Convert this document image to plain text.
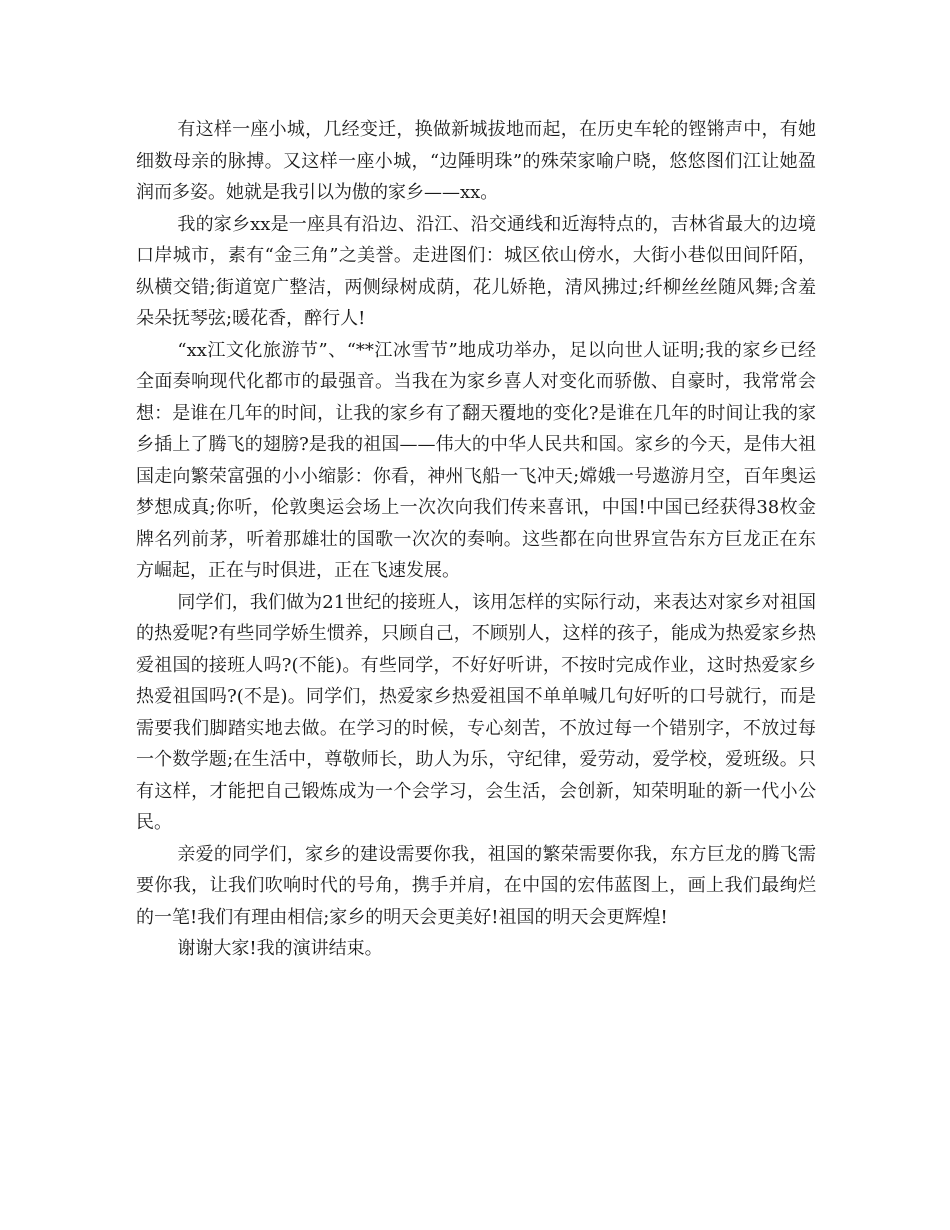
有这样一座小城，几经变迁，换做新城拔地而起，在历史车轮的铿锵声中，有她细数母亲的脉搏。又这样一座小城，“边陲明珠”的殊荣家喻户晓，悠悠图们江让她盈润而多姿。她就是我引以为傲的家乡——xx。

我的家乡xx是一座具有沿边、沿江、沿交通线和近海特点的，吉林省最大的边境口岸城市，素有“金三角”之美誉。走进图们：城区依山傍水，大街小巷似田间阡陌，纵横交错;街道宽广整洁，两侧绿树成荫，花儿娇艳，清风拂过;纤柳丝丝随风舞;含羞朵朵抚琴弦;暖花香，醉行人!

“xx江文化旅游节”、“**江冰雪节”地成功举办，足以向世人证明;我的家乡已经全面奏响现代化都市的最强音。当我在为家乡喜人对变化而骄傲、自豪时，我常常会想：是谁在几年的时间，让我的家乡有了翻天覆地的变化?是谁在几年的时间让我的家乡插上了腾飞的翅膀?是我的祖国——伟大的中华人民共和国。家乡的今天，是伟大祖国走向繁荣富强的小小缩影：你看，神州飞船一飞冲天;嫦娥一号遨游月空，百年奥运梦想成真;你听，伦敦奥运会场上一次次向我们传来喜讯，中国!中国已经获得38枚金牌名列前茅，听着那雄壮的国歌一次次的奏响。这些都在向世界宣告东方巨龙正在东方崛起，正在与时俱进，正在飞速发展。

同学们，我们做为21世纪的接班人，该用怎样的实际行动，来表达对家乡对祖国的热爱呢?有些同学娇生惯养，只顾自己，不顾别人，这样的孩子，能成为热爱家乡热爱祖国的接班人吗?(不能)。有些同学，不好好听讲，不按时完成作业，这时热爱家乡热爱祖国吗?(不是)。同学们，热爱家乡热爱祖国不单单喊几句好听的口号就行，而是需要我们脚踏实地去做。在学习的时候，专心刻苦，不放过每一个错别字，不放过每一个数学题;在生活中，尊敬师长，助人为乐，守纪律，爱劳动，爱学校，爱班级。只有这样，才能把自己锻炼成为一个会学习，会生活，会创新，知荣明耻的新一代小公民。

亲爱的同学们，家乡的建设需要你我，祖国的繁荣需要你我，东方巨龙的腾飞需要你我，让我们吹响时代的号角，携手并肩，在中国的宏伟蓝图上，画上我们最绚烂的一笔!我们有理由相信;家乡的明天会更美好!祖国的明天会更辉煌!

谢谢大家!我的演讲结束。
